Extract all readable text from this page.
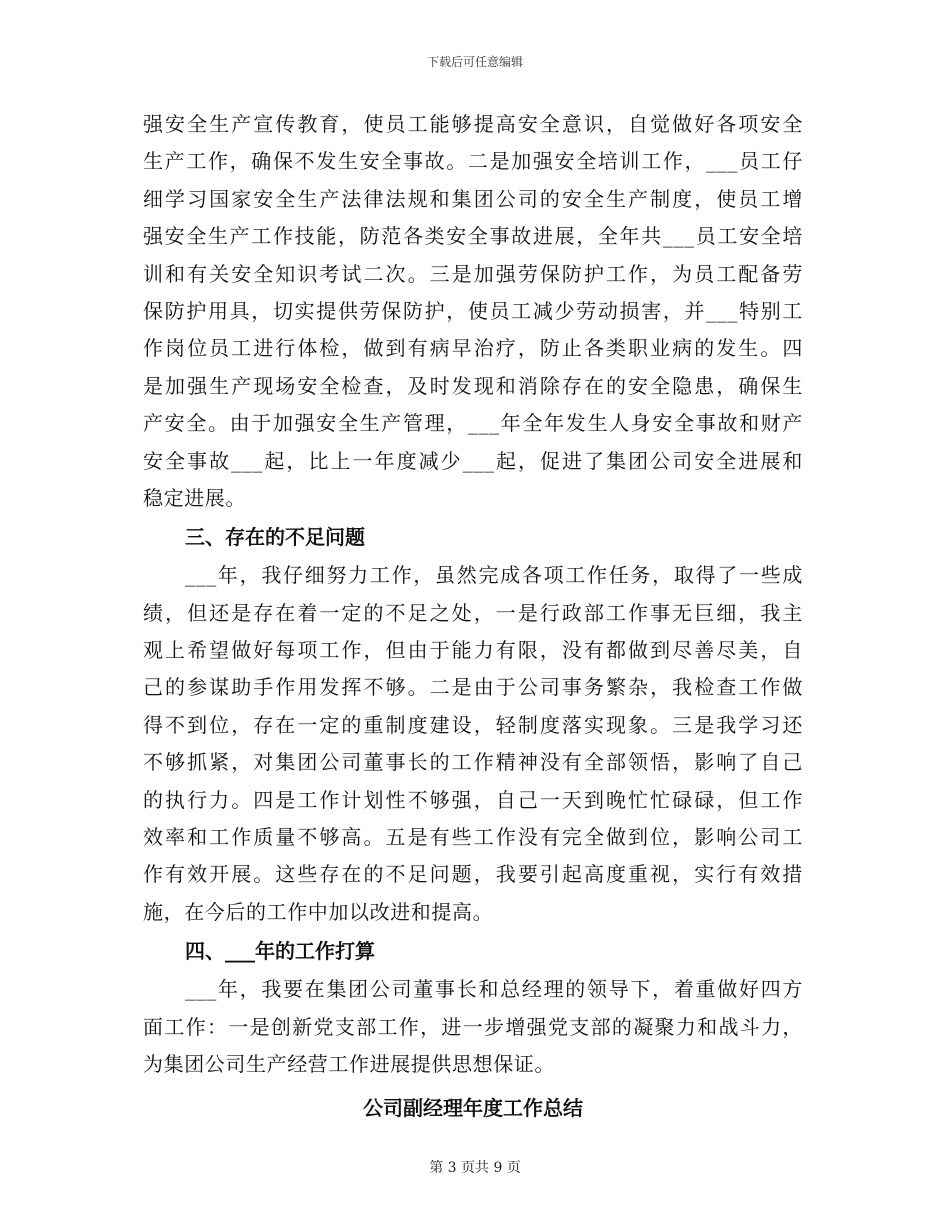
下载后可任意编辑
强安全生产宣传教育，使员工能够提高安全意识，自觉做好各项安全
生产工作，确保不发生安全事故。二是加强安全培训工作，___员工仔
细学习国家安全生产法律法规和集团公司的安全生产制度，使员工增
强安全生产工作技能，防范各类安全事故进展，全年共___员工安全培
训和有关安全知识考试二次。三是加强劳保防护工作，为员工配备劳
保防护用具，切实提供劳保防护，使员工减少劳动损害，并___特别工
作岗位员工进行体检，做到有病早治疗，防止各类职业病的发生。四
是加强生产现场安全检查，及时发现和消除存在的安全隐患，确保生
产安全。由于加强安全生产管理，___年全年发生人身安全事故和财产
安全事故___起，比上一年度减少___起，促进了集团公司安全进展和
稳定进展。
三、存在的不足问题
___年，我仔细努力工作，虽然完成各项工作任务，取得了一些成
绩，但还是存在着一定的不足之处，一是行政部工作事无巨细，我主
观上希望做好每项工作，但由于能力有限，没有都做到尽善尽美，自
己的参谋助手作用发挥不够。二是由于公司事务繁杂，我检查工作做
得不到位，存在一定的重制度建设，轻制度落实现象。三是我学习还
不够抓紧，对集团公司董事长的工作精神没有全部领悟，影响了自己
的执行力。四是工作计划性不够强，自己一天到晚忙忙碌碌，但工作
效率和工作质量不够高。五是有些工作没有完全做到位，影响公司工
作有效开展。这些存在的不足问题，我要引起高度重视，实行有效措
施，在今后的工作中加以改进和提高。
四、___年的工作打算
___年，我要在集团公司董事长和总经理的领导下，着重做好四方
面工作：一是创新党支部工作，进一步增强党支部的凝聚力和战斗力，
为集团公司生产经营工作进展提供思想保证。
公司副经理年度工作总结
第 3 页共 9 页
